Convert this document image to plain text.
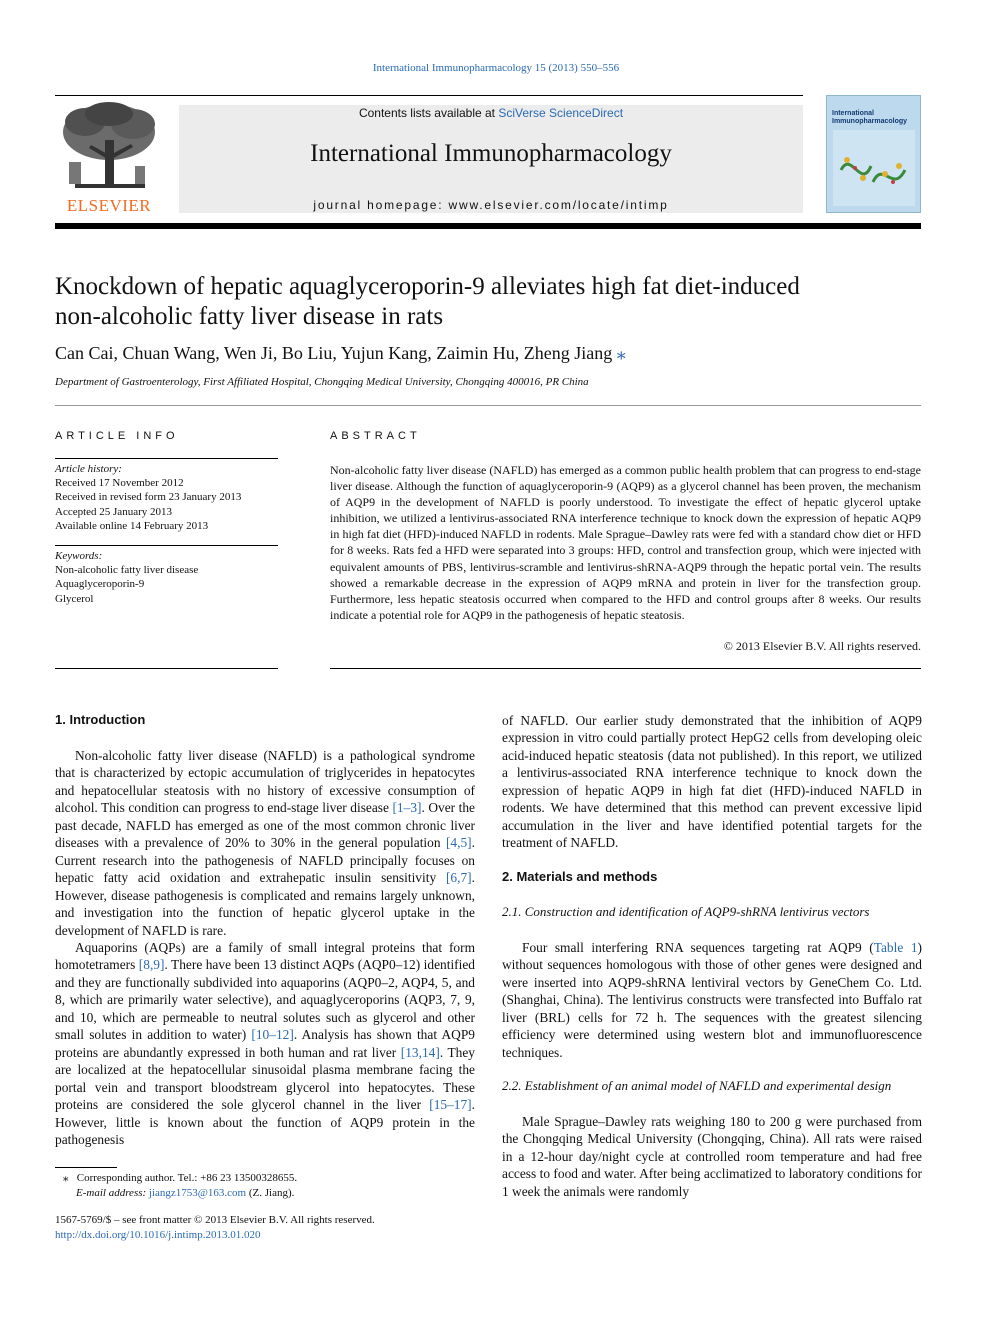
International Immunopharmacology 15 (2013) 550–556
ELSEVIER
Contents lists available at SciVerse ScienceDirect
International Immunopharmacology
journal homepage: www.elsevier.com/locate/intimp
International Immunopharmacology
Knockdown of hepatic aquaglyceroporin-9 alleviates high fat diet-induced
non-alcoholic fatty liver disease in rats
Can Cai, Chuan Wang, Wen Ji, Bo Liu, Yujun Kang, Zaimin Hu, Zheng Jiang ⁎
Department of Gastroenterology, First Affiliated Hospital, Chongqing Medical University, Chongqing 400016, PR China
ARTICLE INFO
Article history:
Received 17 November 2012
Received in revised form 23 January 2013
Accepted 25 January 2013
Available online 14 February 2013
Keywords:
Non-alcoholic fatty liver disease
Aquaglyceroporin-9
Glycerol
ABSTRACT
Non-alcoholic fatty liver disease (NAFLD) has emerged as a common public health problem that can progress to end-stage liver disease. Although the function of aquaglyceroporin-9 (AQP9) as a glycerol channel has been proven, the mechanism of AQP9 in the development of NAFLD is poorly understood. To investigate the effect of hepatic glycerol uptake inhibition, we utilized a lentivirus-associated RNA interference technique to knock down the expression of hepatic AQP9 in high fat diet (HFD)-induced NAFLD in rodents. Male Sprague–Dawley rats were fed with a standard chow diet or HFD for 8 weeks. Rats fed a HFD were separated into 3 groups: HFD, control and transfection group, which were injected with equivalent amounts of PBS, lentivirus-scramble and lentivirus-shRNA-AQP9 through the hepatic portal vein. The results showed a remarkable decrease in the expression of AQP9 mRNA and protein in liver for the transfection group. Furthermore, less hepatic steatosis occurred when compared to the HFD and control groups after 8 weeks. Our results indicate a potential role for AQP9 in the pathogenesis of hepatic steatosis.
© 2013 Elsevier B.V. All rights reserved.
1. Introduction

Non-alcoholic fatty liver disease (NAFLD) is a pathological syndrome that is characterized by ectopic accumulation of triglycerides in hepatocytes and hepatocellular steatosis with no history of excessive consumption of alcohol. This condition can progress to end-stage liver disease [1–3]. Over the past decade, NAFLD has emerged as one of the most common chronic liver diseases with a prevalence of 20% to 30% in the general population [4,5]. Current research into the pathogenesis of NAFLD principally focuses on hepatic fatty acid oxidation and extrahepatic insulin sensitivity [6,7]. However, disease pathogenesis is complicated and remains largely unknown, and investigation into the function of hepatic glycerol uptake in the development of NAFLD is rare.

Aquaporins (AQPs) are a family of small integral proteins that form homotetramers [8,9]. There have been 13 distinct AQPs (AQP0–12) identified and they are functionally subdivided into aquaporins (AQP0–2, AQP4, 5, and 8, which are primarily water selective), and aquaglyceroporins (AQP3, 7, 9, and 10, which are permeable to neutral solutes such as glycerol and other small solutes in addition to water) [10–12]. Analysis has shown that AQP9 proteins are abundantly expressed in both human and rat liver [13,14]. They are localized at the hepatocellular sinusoidal plasma membrane facing the portal vein and transport bloodstream glycerol into hepatocytes. These proteins are considered the sole glycerol channel in the liver [15–17]. However, little is known about the function of AQP9 protein in the pathogenesis

of NAFLD. Our earlier study demonstrated that the inhibition of AQP9 expression in vitro could partially protect HepG2 cells from developing oleic acid-induced hepatic steatosis (data not published). In this report, we utilized a lentivirus-associated RNA interference technique to knock down the expression of hepatic AQP9 in high fat diet (HFD)-induced NAFLD in rodents. We have determined that this method can prevent excessive lipid accumulation in the liver and have identified potential targets for the treatment of NAFLD.

2. Materials and methods
2.1. Construction and identification of AQP9-shRNA lentivirus vectors

Four small interfering RNA sequences targeting rat AQP9 (Table 1) without sequences homologous with those of other genes were designed and were inserted into AQP9-shRNA lentiviral vectors by GeneChem Co. Ltd. (Shanghai, China). The lentivirus constructs were transfected into Buffalo rat liver (BRL) cells for 72 h. The sequences with the greatest silencing efficiency were determined using western blot and immunofluorescence techniques.

2.2. Establishment of an animal model of NAFLD and experimental design

Male Sprague–Dawley rats weighing 180 to 200 g were purchased from the Chongqing Medical University (Chongqing, China). All rats were raised in a 12-hour day/night cycle at controlled room temperature and had free access to food and water. After being acclimatized to laboratory conditions for 1 week the animals were randomly

⁎ Corresponding author. Tel.: +86 23 13500328655.
E-mail address: jiangz1753@163.com (Z. Jiang).
1567-5769/$ – see front matter © 2013 Elsevier B.V. All rights reserved.
http://dx.doi.org/10.1016/j.intimp.2013.01.020
